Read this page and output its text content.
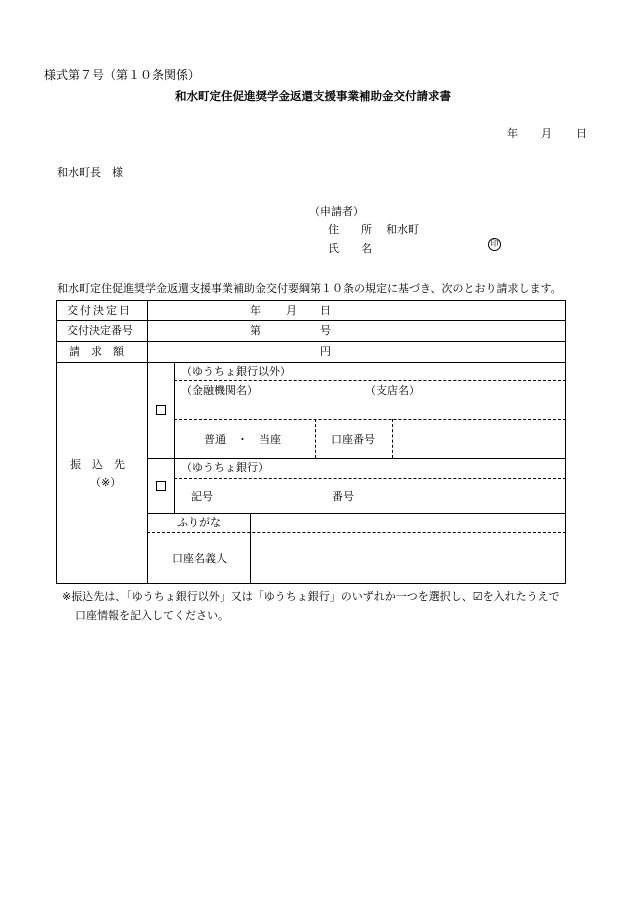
様式第７号（第１０条関係）
和水町定住促進奨学金返還支援事業補助金交付請求書
年 月 日
和水町長　様
（申請者）
住　　所 和水町
氏　　名	印
和水町定住促進奨学金返還支援事業補助金交付要綱第１０条の規定に基づき、次のとおり請求します。
交付決定日	年 月 日
交付決定番号	第	号
請　求　額	円
振　込　先
（※）
（ゆうちょ銀行以外）
（金融機関名）	（支店名）
普通　・　当座	口座番号
（ゆうちょ銀行）
記号	番号
ふりがな
口座名義人
※振込先は、「ゆうちょ銀行以外」又は「ゆうちょ銀行」のいずれか一つを選択し、☑を入れたうえで
口座情報を記入してください。
